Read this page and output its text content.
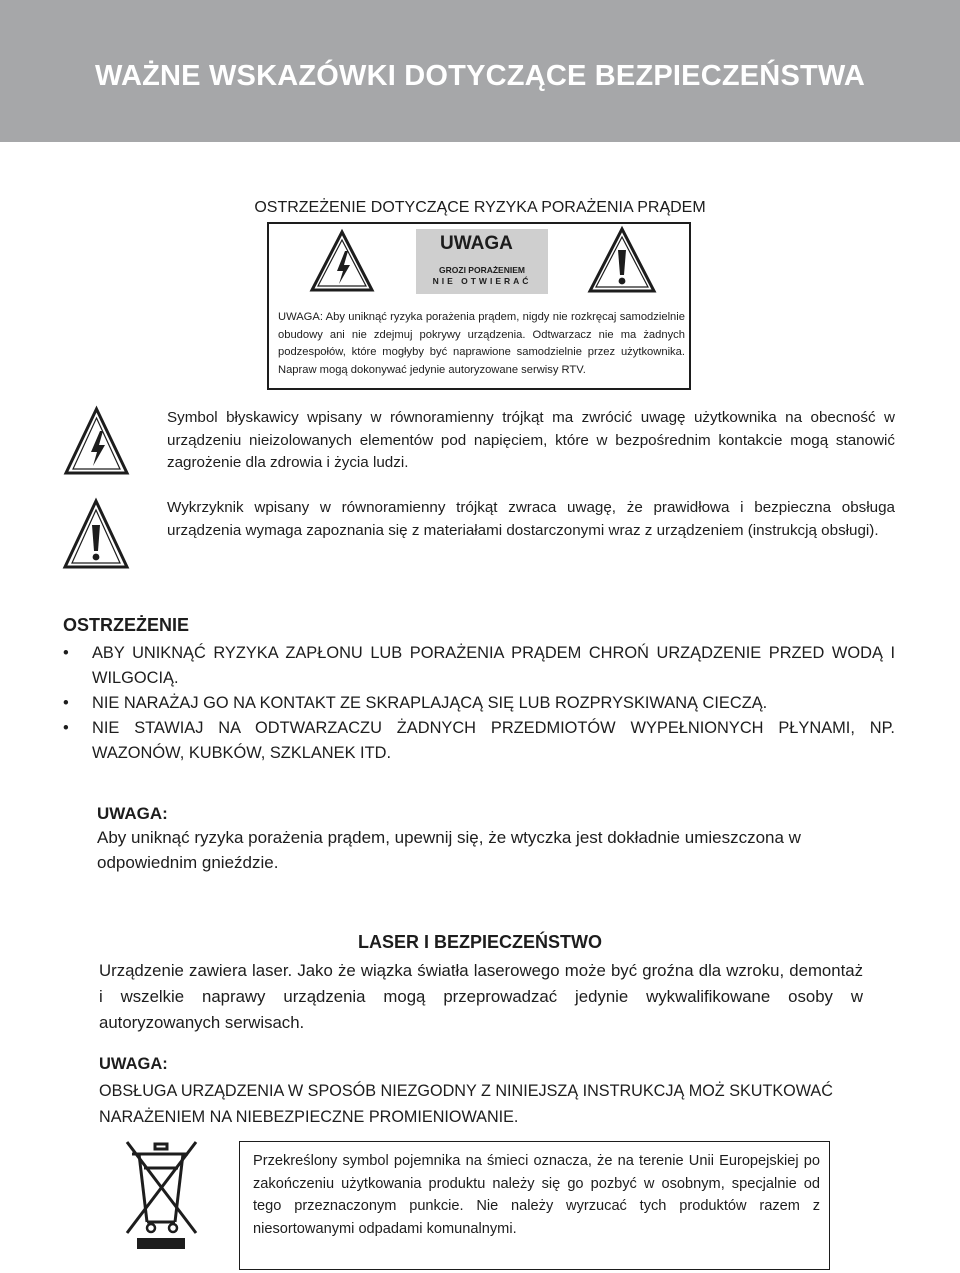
WAŻNE WSKAZÓWKI DOTYCZĄCE BEZPIECZEŃSTWA
OSTRZEŻENIE DOTYCZĄCE RYZYKA PORAŻENIA PRĄDEM
UWAGA
GROZI PORAŻENIEM
NIE OTWIERAĆ
UWAGA: Aby uniknąć ryzyka porażenia prądem, nigdy nie rozkręcaj samodzielnie obudowy ani nie zdejmuj pokrywy urządzenia. Odtwarzacz nie ma żadnych podzespołów, które mogłyby być naprawione samodzielnie przez użytkownika. Napraw mogą dokonywać jedynie autoryzowane serwisy RTV.
Symbol błyskawicy wpisany w równoramienny trójkąt ma zwrócić uwagę użytkownika na obecność w urządzeniu nieizolowanych elementów pod napięciem, które w bezpośrednim kontakcie mogą stanowić zagrożenie dla zdrowia i życia ludzi.
Wykrzyknik wpisany w równoramienny trójkąt zwraca uwagę, że prawidłowa i bezpieczna obsługa urządzenia wymaga zapoznania się z materiałami dostarczonymi wraz z urządzeniem (instrukcją obsługi).
OSTRZEŻENIE
• ABY UNIKNĄĆ RYZYKA ZAPŁONU LUB PORAŻENIA PRĄDEM CHROŃ URZĄDZENIE PRZED WODĄ I WILGOCIĄ.
• NIE NARAŻAJ GO NA KONTAKT ZE SKRAPLAJĄCĄ SIĘ LUB ROZPRYSKIWANĄ CIECZĄ.
• NIE STAWIAJ NA ODTWARZACZU ŻADNYCH PRZEDMIOTÓW WYPEŁNIONYCH PŁYNAMI, NP. WAZONÓW, KUBKÓW, SZKLANEK ITD.
UWAGA:
Aby uniknąć ryzyka porażenia prądem, upewnij się, że wtyczka jest dokładnie umieszczona w odpowiednim gnieździe.
LASER I BEZPIECZEŃSTWO
Urządzenie zawiera laser. Jako że wiązka światła laserowego może być groźna dla wzroku, demontaż i wszelkie naprawy urządzenia mogą przeprowadzać jedynie wykwalifikowane osoby w autoryzowanych serwisach.
UWAGA:
OBSŁUGA URZĄDZENIA W SPOSÓB NIEZGODNY Z NINIEJSZĄ INSTRUKCJĄ MOŻ SKUTKOWAĆ NARAŻENIEM NA NIEBEZPIECZNE PROMIENIOWANIE.
Przekreślony symbol pojemnika na śmieci oznacza, że na terenie Unii Europejskiej po zakończeniu użytkowania produktu należy się go pozbyć w osobnym, specjalnie od tego przeznaczonym punkcie. Nie należy wyrzucać tych produktów razem z niesortowanymi odpadami komunalnymi.
